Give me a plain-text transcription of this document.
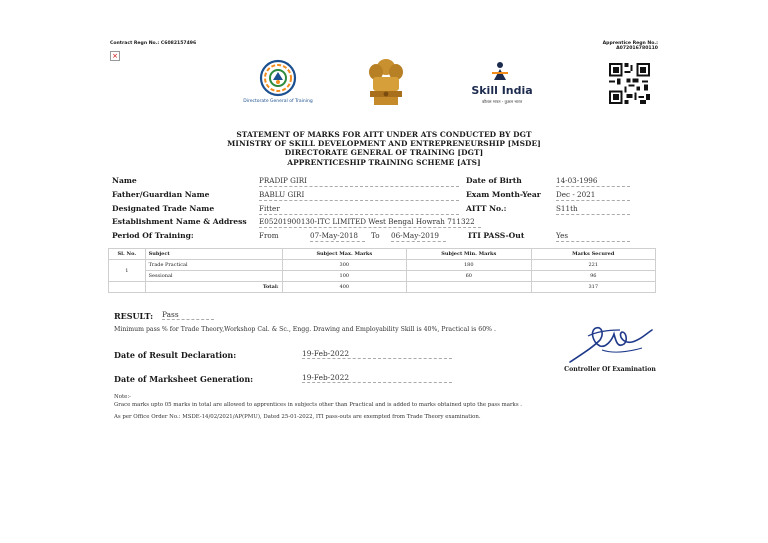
Contract Regn No.: C6082157496	Apprentice Regn No.: A072016780110
×
Directorate General of Training
Skill India
कौशल भारत - कुशल भारत
STATEMENT OF MARKS FOR AITT UNDER ATS CONDUCTED BY DGT
MINISTRY OF SKILL DEVELOPMENT AND ENTREPRENEURSHIP [MSDE]
DIRECTORATE GENERAL OF TRAINING [DGT]
APPRENTICESHIP TRAINING SCHEME [ATS]
Name	PRADIP GIRI	Date of Birth	14-03-1996
Father/Guardian Name	BABLU GIRI	Exam Month-Year Dec - 2021
Designated Trade Name	Fitter	AITT No.:	S11th
Establishment Name & Address E05201900130-ITC LIMITED West Bengal Howrah 711322
Period Of Training:	From	07-May-2018	To 06-May-2019	ITI PASS-Out	Yes
Sl. No.	Subject	Subject Max. Marks	Subject Min. Marks	Marks Secured
1	Trade Practical	300	180	221
	Sessional	100	60	96
	Total:	400		317
RESULT: Pass
Minimum pass % for Trade Theory,Workshop Cal. & Sc., Engg. Drawing and Employability Skill is 40%, Practical is 60% .
Date of Result Declaration:	19-Feb-2022
Date of Marksheet Generation:	19-Feb-2022
Controller Of Examination
Note:-
Grace marks upto 05 marks in total are allowed to apprentices in subjects other than Practical and is added to marks obtained upto the pass marks .
As per Office Order No.: MSDE-14/02/2021/AP(PMU), Dated 25-01-2022, ITI pass-outs are exempted from Trade Theory examination.
